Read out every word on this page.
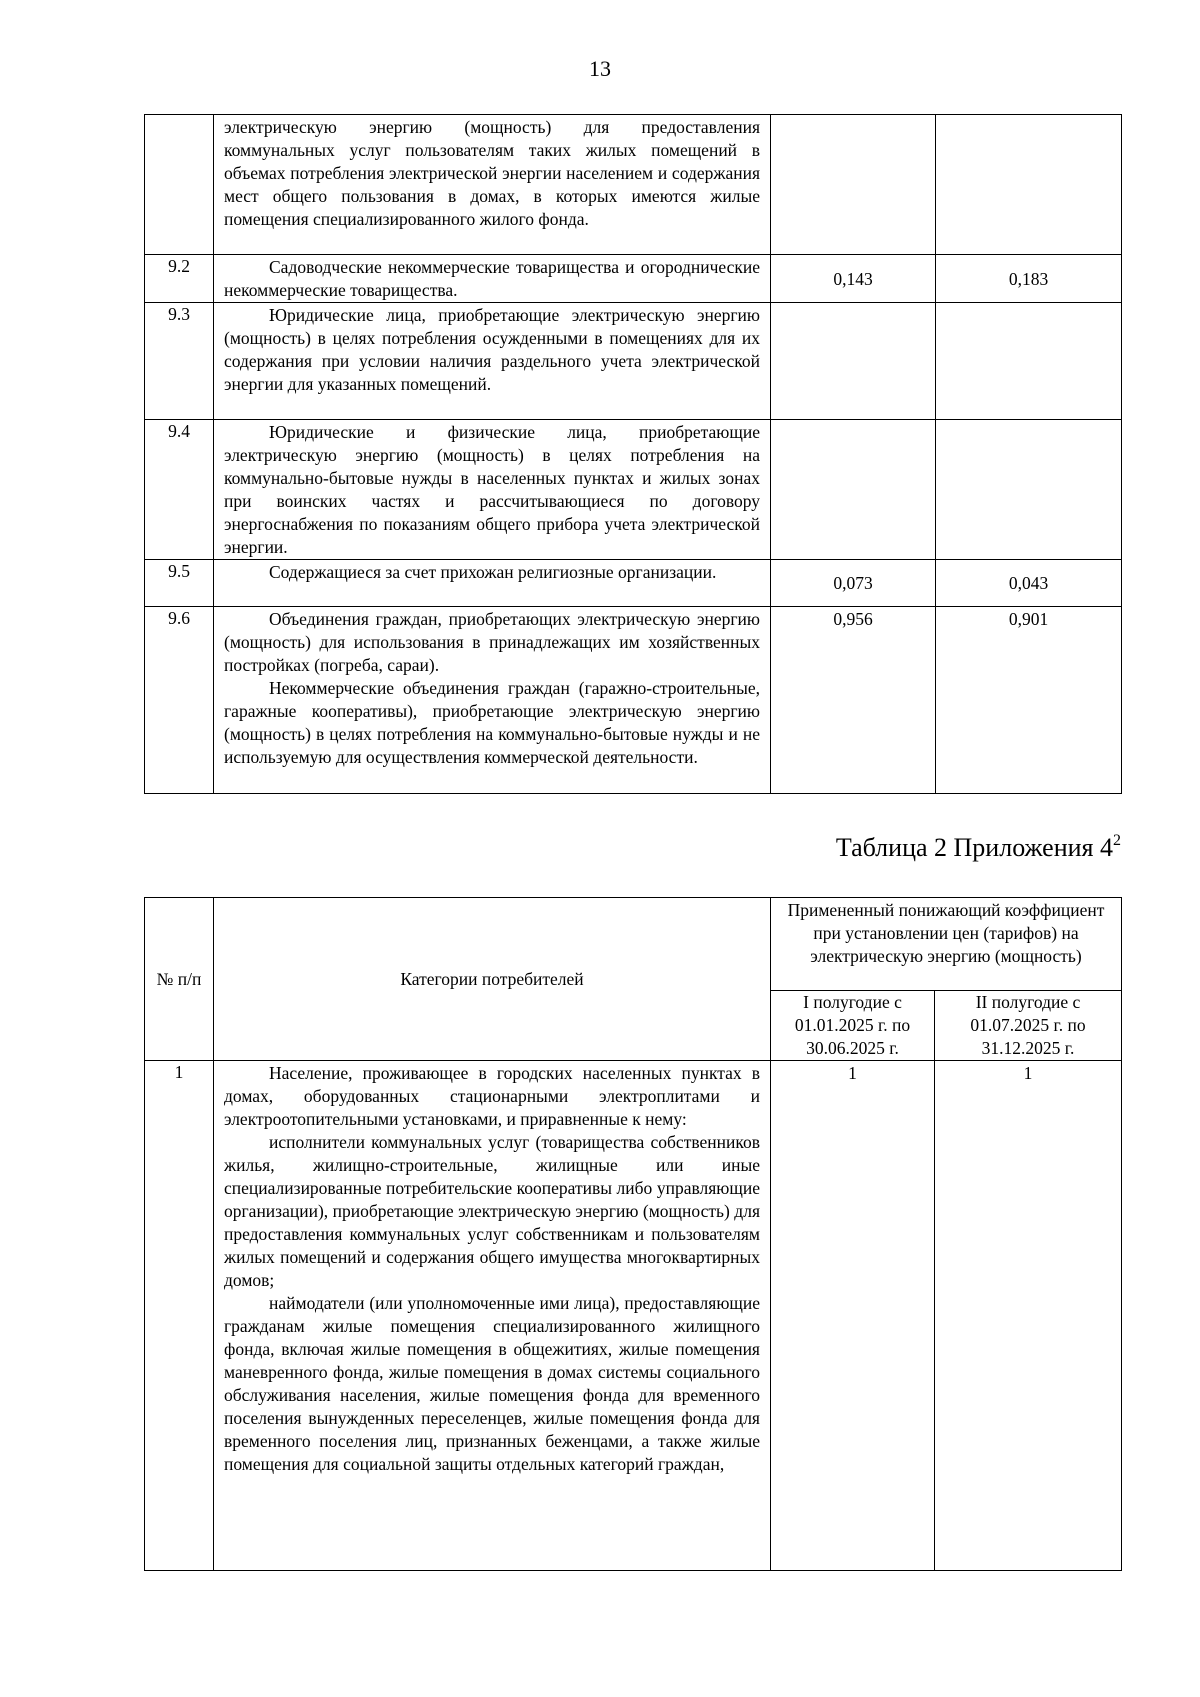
13

	электрическую энергию (мощность) для предоставления коммунальных услуг пользователям таких жилых помещений в объемах потребления электрической энергии населением и содержания мест общего пользования в домах, в которых имеются жилые помещения специализированного жилого фонда.		

9.2	Садоводческие некоммерческие товарищества и огороднические некоммерческие товарищества.	0,143	0,183
9.3	Юридические лица, приобретающие электрическую энергию (мощность) в целях потребления осужденными в помещениях для их содержания при условии наличия раздельного учета электрической энергии для указанных помещений.		

9.4	Юридические и физические лица, приобретающие электрическую энергию (мощность) в целях потребления на коммунально-бытовые нужды в населенных пунктах и жилых зонах при воинских частях и рассчитывающиеся по договору энергоснабжения по показаниям общего прибора учета электрической энергии.		

9.5	Содержащиеся за счет прихожан религиозные организации.	0,073	0,043
9.6	Объединения граждан, приобретающих электрическую энергию (мощность) для использования в принадлежащих им хозяйственных постройках (погреба, сараи).

Некоммерческие объединения граждан (гаражно-строительные, гаражные кооперативы), приобретающие электрическую энергию (мощность) в целях потребления на коммунально-бытовые нужды и не используемую для осуществления коммерческой деятельности.	0,956	0,901
Таблица 2 Приложения $4^2$
№ п/п	Категории потребителей	Примененный понижающий коэффициент при установлении цен (тарифов) на электрическую энергию (мощность)	
		I полугодие с 01.01.2025 г. по 30.06.2025 г.	II полугодие с 01.07.2025 г. по 31.12.2025 г.
1	Население, проживающее в городских населенных пунктах в домах, оборудованных стационарными электроплитами и электроотопительными установками, и приравненные к нему:

исполнители коммунальных услуг (товарищества собственников жилья, жилищно-строительные, жилищные или иные специализированные потребительские кооперативы либо управляющие организации), приобретающие электрическую энергию (мощность) для предоставления коммунальных услуг собственникам и пользователям жилых помещений и содержания общего имущества многоквартирных домов;

наймодатели (или уполномоченные ими лица), предоставляющие гражданам жилые помещения специализированного жилищного фонда, включая жилые помещения в общежитиях, жилые помещения маневренного фонда, жилые помещения в домах системы социального обслуживания населения, жилые помещения фонда для временного поселения вынужденных переселенцев, жилые помещения фонда для временного поселения лиц, признанных беженцами, а также жилые помещения для социальной защиты отдельных категорий граждан,	1	1
